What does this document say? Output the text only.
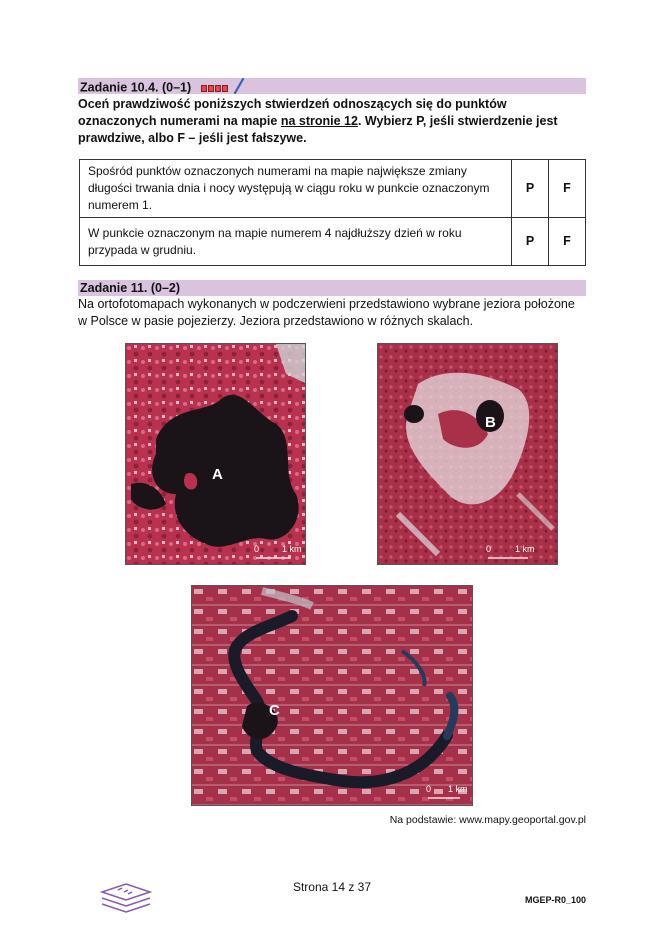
Zadanie 10.4. (0–1)
Oceń prawdziwość poniższych stwierdzeń odnoszących się do punktów oznaczonych numerami na mapie na stronie 12. Wybierz P, jeśli stwierdzenie jest prawdziwe, albo F – jeśli jest fałszywe.
Spośród punktów oznaczonych numerami na mapie największe zmiany długości trwania dnia i nocy występują w ciągu roku w punkcie oznaczonym numerem 1.	P	F
W punkcie oznaczonym na mapie numerem 4 najdłuższy dzień w roku przypada w grudniu.	P	F
Zadanie 11. (0–2)
Na ortofotomapach wykonanych w podczerwieni przedstawiono wybrane jeziora położone w Polsce w pasie pojezierzy. Jeziora przedstawiono w różnych skalach.
A
0	1 km
B
0	1 km
C
0 1 km
Na podstawie: www.mapy.geoportal.gov.pl
Strona 14 z 37
MGEP-R0_100
